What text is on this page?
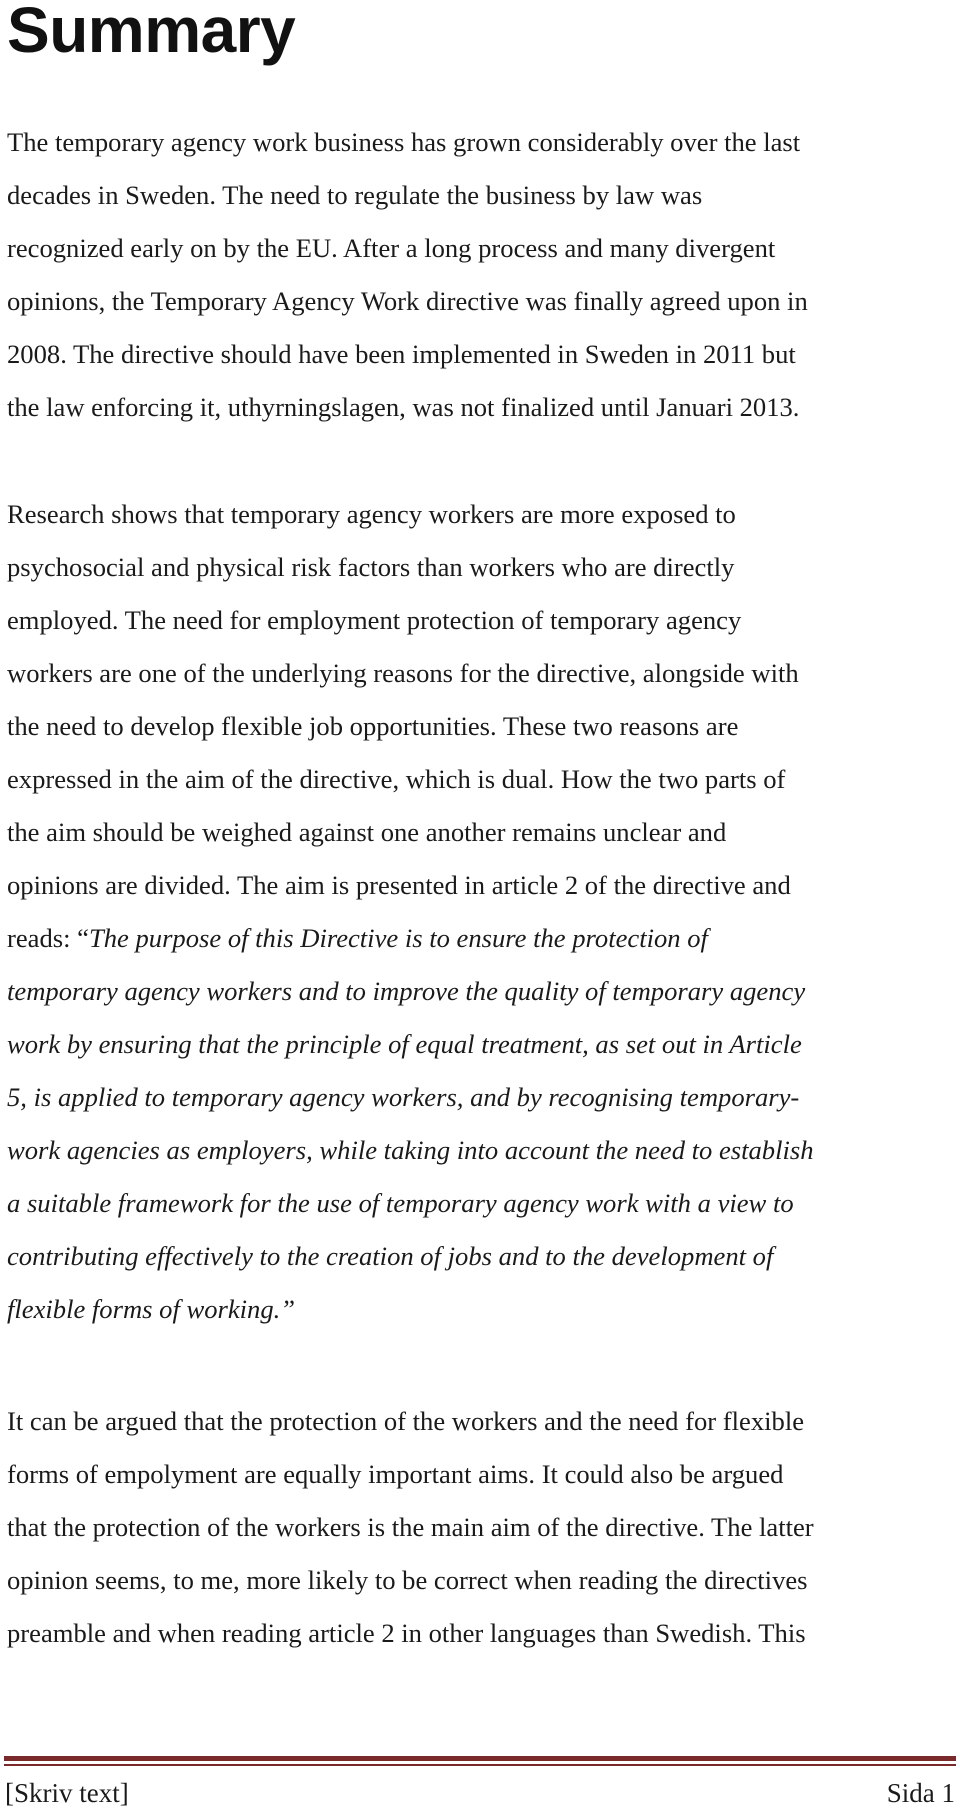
Summary
The temporary agency work business has grown considerably over the last
decades in Sweden. The need to regulate the business by law was
recognized early on by the EU. After a long process and many divergent
opinions, the Temporary Agency Work directive was finally agreed upon in
2008. The directive should have been implemented in Sweden in 2011 but
the law enforcing it, uthyrningslagen, was not finalized until Januari 2013.
Research shows that temporary agency workers are more exposed to
psychosocial and physical risk factors than workers who are directly
employed. The need for employment protection of temporary agency
workers are one of the underlying reasons for the directive, alongside with
the need to develop flexible job opportunities. These two reasons are
expressed in the aim of the directive, which is dual. How the two parts of
the aim should be weighed against one another remains unclear and
opinions are divided. The aim is presented in article 2 of the directive and
reads: “The purpose of this Directive is to ensure the protection of
temporary agency workers and to improve the quality of temporary agency
work by ensuring that the principle of equal treatment, as set out in Article
5, is applied to temporary agency workers, and by recognising temporary-
work agencies as employers, while taking into account the need to establish
a suitable framework for the use of temporary agency work with a view to
contributing effectively to the creation of jobs and to the development of
flexible forms of working.”
It can be argued that the protection of the workers and the need for flexible
forms of empolyment are equally important aims. It could also be argued
that the protection of the workers is the main aim of the directive. The latter
opinion seems, to me, more likely to be correct when reading the directives
preamble and when reading article 2 in other languages than Swedish. This
[Skriv text]	Sida 1
